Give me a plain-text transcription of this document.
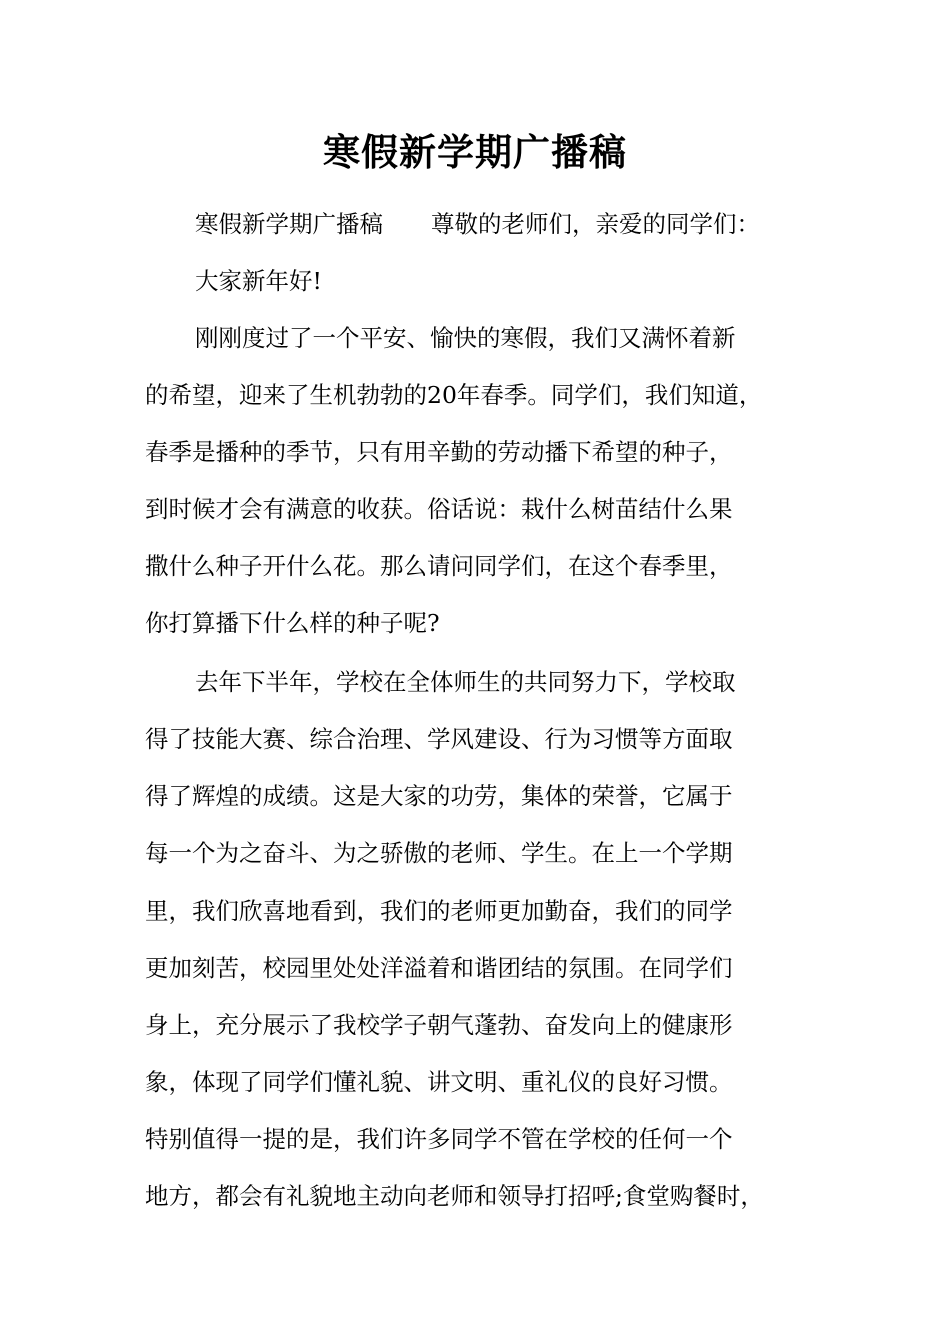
寒假新学期广播稿

寒假新学期广播稿 尊敬的老师们，亲爱的同学们：

大家新年好!

刚刚度过了一个平安、愉快的寒假，我们又满怀着新

的希望，迎来了生机勃勃的20年春季。同学们，我们知道，

春季是播种的季节，只有用辛勤的劳动播下希望的种子，

到时候才会有满意的收获。俗话说：栽什么树苗结什么果

撒什么种子开什么花。那么请问同学们，在这个春季里，

你打算播下什么样的种子呢?

去年下半年，学校在全体师生的共同努力下，学校取

得了技能大赛、综合治理、学风建设、行为习惯等方面取

得了辉煌的成绩。这是大家的功劳，集体的荣誉，它属于

每一个为之奋斗、为之骄傲的老师、学生。在上一个学期

里，我们欣喜地看到，我们的老师更加勤奋，我们的同学

更加刻苦，校园里处处洋溢着和谐团结的氛围。在同学们

身上，充分展示了我校学子朝气蓬勃、奋发向上的健康形

象，体现了同学们懂礼貌、讲文明、重礼仪的良好习惯。

特别值得一提的是，我们许多同学不管在学校的任何一个

地方，都会有礼貌地主动向老师和领导打招呼;食堂购餐时，
